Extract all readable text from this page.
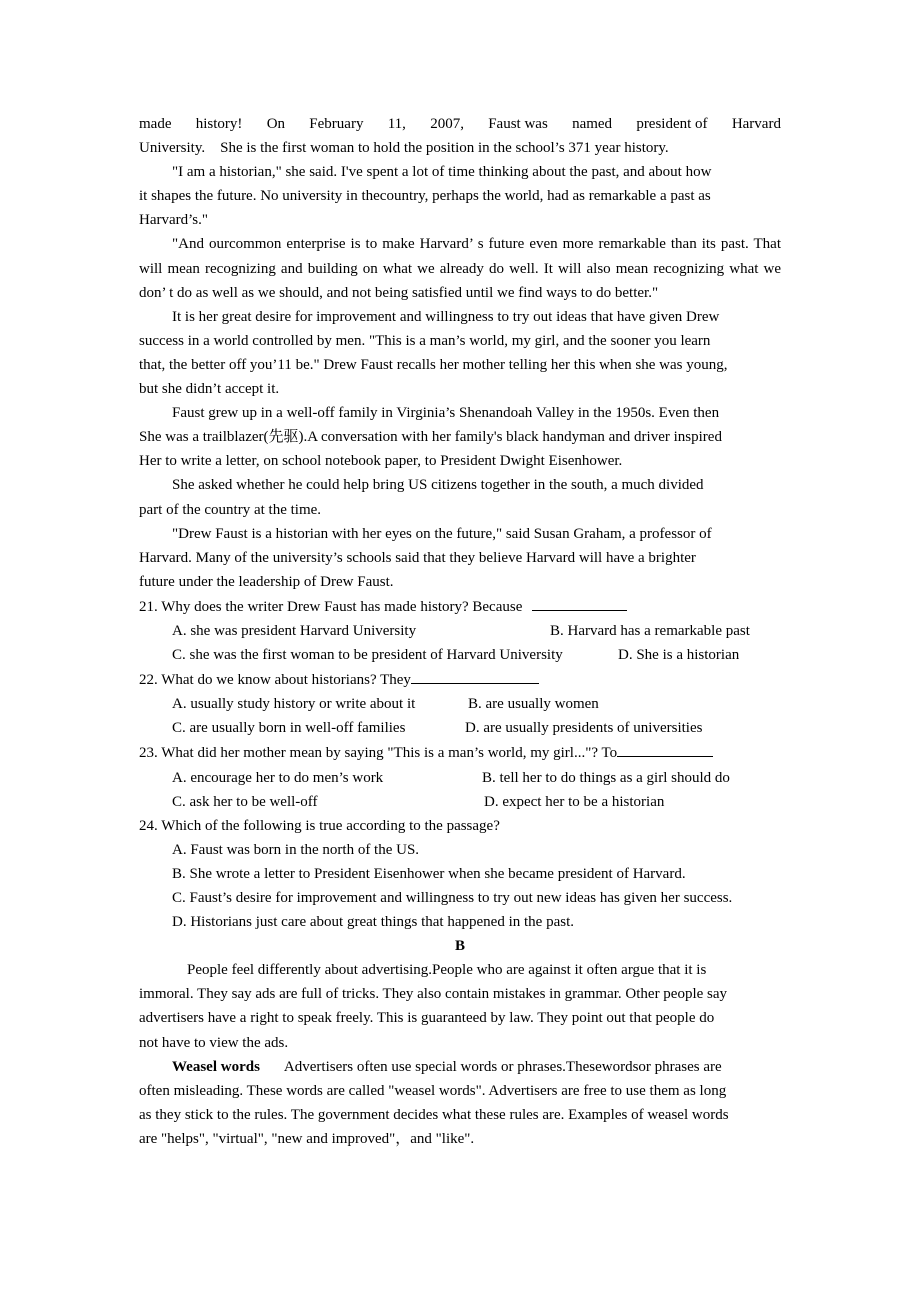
made history! On February 11, 2007, Faust was named president of Harvard
University.    She is the first woman to hold the position in the school’s 371 year history.
"I am a historian," she said. I've spent a lot of time thinking about the past, and about how
it shapes the future. No university in thecountry, perhaps the world, had as remarkable a past as
Harvard’s."
"And ourcommon enterprise is to make Harvard’ s future even more remarkable than its past. That will mean recognizing and building on what we already do well. It will also mean recognizing what we don’ t do as well as we should, and not being satisfied until we find ways to do better."
It is her great desire for improvement and willingness to try out ideas that have given Drew
success in a world controlled by men. "This is a man’s world, my girl, and the sooner you learn
that, the better off you’11 be." Drew Faust recalls her mother telling her this when she was young,
but she didn’t accept it.
Faust grew up in a well-off family in Virginia’s Shenandoah Valley in the 1950s. Even then
She was a trailblazer(先驱).A conversation with her family's black handyman and driver inspired
Her to write a letter, on school notebook paper, to President Dwight Eisenhower.
She asked whether he could help bring US citizens together in the south, a much divided
part of the country at the time.
"Drew Faust is a historian with her eyes on the future," said Susan Graham, a professor of
Harvard. Many of the university’s schools said that they believe Harvard will have a brighter
future under the leadership of Drew Faust.
21. Why does the writer Drew Faust has made history? Because
A. she was president Harvard University	B. Harvard has a remarkable past
C. she was the first woman to be president of Harvard University	D. She is a historian
22. What do we know about historians? They
A. usually study history or write about it	B. are usually women
C. are usually born in well-off families	D. are usually presidents of universities
23. What did her mother mean by saying "This is a man’s world, my girl..."? To
A. encourage her to do men’s work	B. tell her to do things as a girl should do
C. ask her to be well-off	D. expect her to be a historian
24. Which of the following is true according to the passage?
A. Faust was born in the north of the US.
B. She wrote a letter to President Eisenhower when she became president of Harvard.
C. Faust’s desire for improvement and willingness to try out new ideas has given her success.
D. Historians just care about great things that happened in the past.
B
People feel differently about advertising.People who are against it often argue that it is
immoral. They say ads are full of tricks. They also contain mistakes in grammar. Other people say
advertisers have a right to speak freely. This is guaranteed by law. They point out that people do
not have to view the ads.
Weasel words Advertisers often use special words or phrases.Thesewordsor phrases are
often misleading. These words are called "weasel words". Advertisers are free to use them as long
as they stick to the rules. The government decides what these rules are. Examples of weasel words
are "helps", "virtual", "new and improved"，and "like".
